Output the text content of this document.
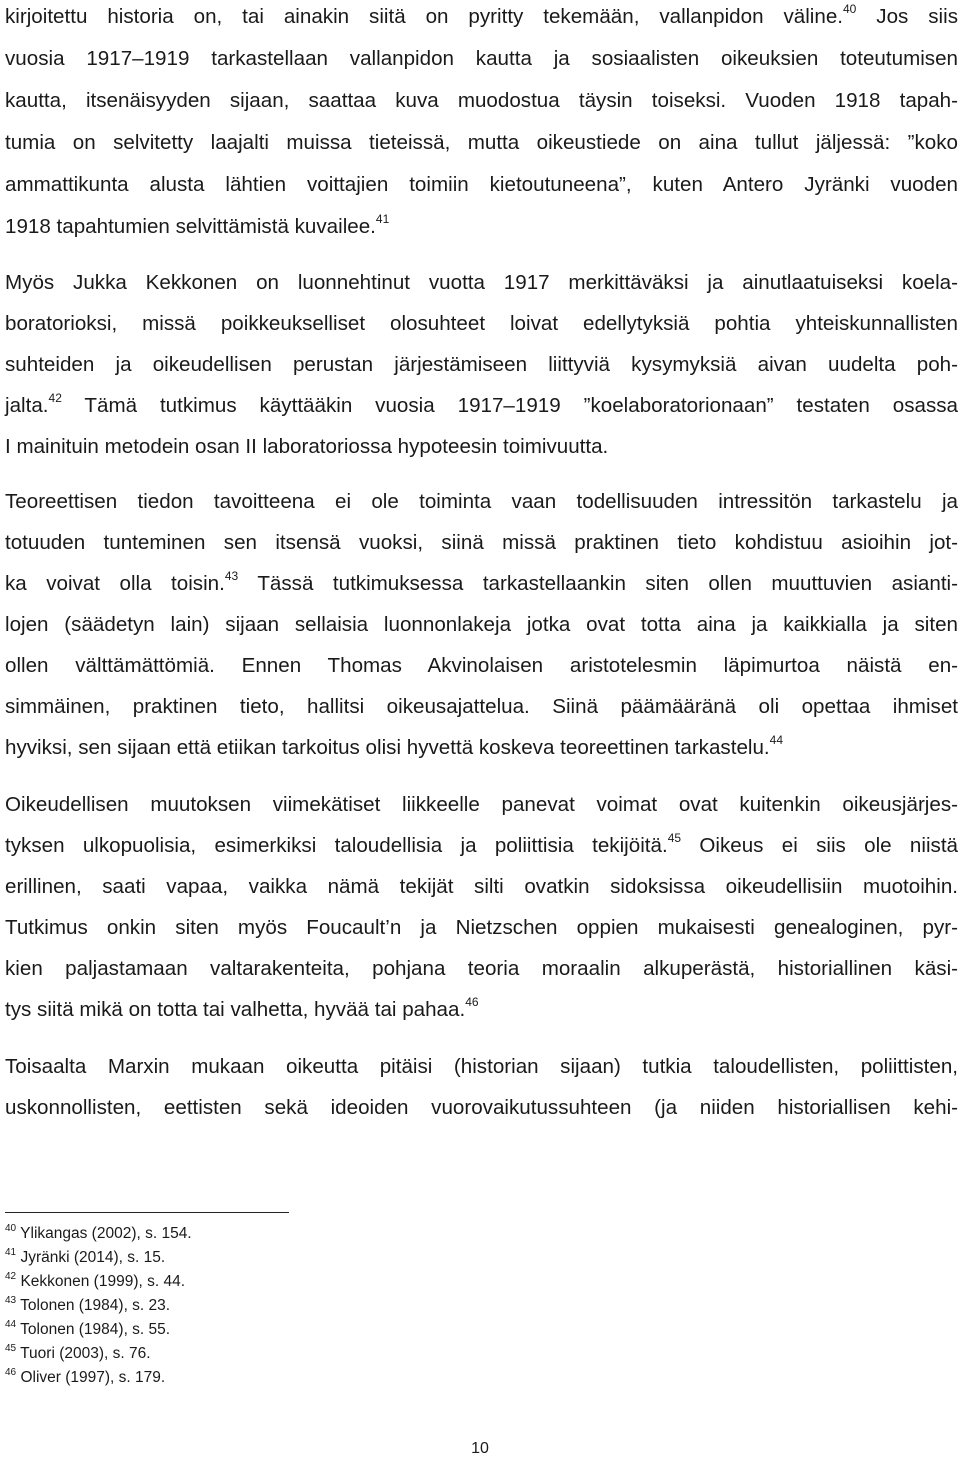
kirjoitettu historia on, tai ainakin siitä on pyritty tekemään, vallanpidon väline.$^{40}$ Jos siis
vuosia 1917–1919 tarkastellaan vallanpidon kautta ja sosiaalisten oikeuksien toteutumisen
kautta, itsenäisyyden sijaan, saattaa kuva muodostua täysin toiseksi. Vuoden 1918 tapah-
tumia on selvitetty laajalti muissa tieteissä, mutta oikeustiede on aina tullut jäljessä: ”koko
ammattikunta alusta lähtien voittajien toimiin kietoutuneena”, kuten Antero Jyränki vuoden
1918 tapahtumien selvittämistä kuvailee.$^{41}$
Myös Jukka Kekkonen on luonnehtinut vuotta 1917 merkittäväksi ja ainutlaatuiseksi koela-
boratorioksi, missä poikkeukselliset olosuhteet loivat edellytyksiä pohtia yhteiskunnallisten
suhteiden ja oikeudellisen perustan järjestämiseen liittyviä kysymyksiä aivan uudelta poh-
jalta.$^{42}$ Tämä tutkimus käyttääkin vuosia 1917–1919 ”koelaboratorionaan” testaten osassa
I mainituin metodein osan II laboratoriossa hypoteesin toimivuutta.
Teoreettisen tiedon tavoitteena ei ole toiminta vaan todellisuuden intressitön tarkastelu ja
totuuden tunteminen sen itsensä vuoksi, siinä missä praktinen tieto kohdistuu asioihin jot-
ka voivat olla toisin.$^{43}$ Tässä tutkimuksessa tarkastellaankin siten ollen muuttuvien asianti-
lojen (säädetyn lain) sijaan sellaisia luonnonlakeja jotka ovat totta aina ja kaikkialla ja siten
ollen välttämättömiä. Ennen Thomas Akvinolaisen aristotelesmin läpimurtoa näistä en-
simmäinen, praktinen tieto, hallitsi oikeusajattelua. Siinä päämääränä oli opettaa ihmiset
hyviksi, sen sijaan että etiikan tarkoitus olisi hyvettä koskeva teoreettinen tarkastelu.$^{44}$
Oikeudellisen muutoksen viimekätiset liikkeelle panevat voimat ovat kuitenkin oikeusjärjes-
tyksen ulkopuolisia, esimerkiksi taloudellisia ja poliittisia tekijöitä.$^{45}$ Oikeus ei siis ole niistä
erillinen, saati vapaa, vaikka nämä tekijät silti ovatkin sidoksissa oikeudellisiin muotoihin.
Tutkimus onkin siten myös Foucault’n ja Nietzschen oppien mukaisesti genealoginen, pyr-
kien paljastamaan valtarakenteita, pohjana teoria moraalin alkuperästä, historiallinen käsi-
tys siitä mikä on totta tai valhetta, hyvää tai pahaa.$^{46}$
Toisaalta Marxin mukaan oikeutta pitäisi (historian sijaan) tutkia taloudellisten, poliittisten,
uskonnollisten, eettisten sekä ideoiden vuorovaikutussuhteen (ja niiden historiallisen kehi-
$^{40}$ Ylikangas (2002), s. 154.
$^{41}$ Jyränki (2014), s. 15.
$^{42}$ Kekkonen (1999), s. 44.
$^{43}$ Tolonen (1984), s. 23.
$^{44}$ Tolonen (1984), s. 55.
$^{45}$ Tuori (2003), s. 76.
$^{46}$ Oliver (1997), s. 179.
10
